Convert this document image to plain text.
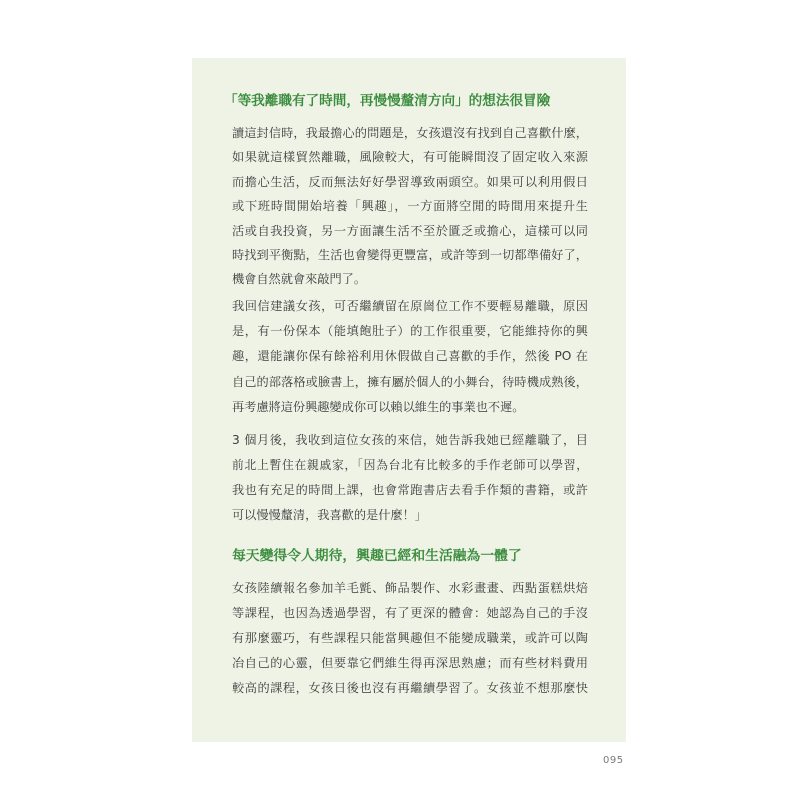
「等我離職有了時間，再慢慢釐清方向」的想法很冒險
讀這封信時，我最擔心的問題是，女孩還沒有找到自己喜歡什麼，
如果就這樣貿然離職，風險較大，有可能瞬間沒了固定收入來源
而擔心生活，反而無法好好學習導致兩頭空。如果可以利用假日
或下班時間開始培養「興趣」，一方面將空閒的時間用來提升生
活或自我投資，另一方面讓生活不至於匱乏或擔心，這樣可以同
時找到平衡點，生活也會變得更豐富，或許等到一切都準備好了，
機會自然就會來敲門了。
我回信建議女孩，可否繼續留在原崗位工作不要輕易離職，原因
是，有一份保本（能填飽肚子）的工作很重要，它能維持你的興
趣，還能讓你保有餘裕利用休假做自己喜歡的手作，然後 PO 在
自己的部落格或臉書上，擁有屬於個人的小舞台，待時機成熟後，
再考慮將這份興趣變成你可以賴以維生的事業也不遲。
3 個月後，我收到這位女孩的來信，她告訴我她已經離職了，目
前北上暫住在親戚家，「因為台北有比較多的手作老師可以學習，
我也有充足的時間上課，也會常跑書店去看手作類的書籍，或許
可以慢慢釐清，我喜歡的是什麼！」
每天變得令人期待，興趣已經和生活融為一體了
女孩陸續報名參加羊毛氈、飾品製作、水彩畫畫、西點蛋糕烘焙
等課程，也因為透過學習，有了更深的體會：她認為自己的手沒
有那麼靈巧，有些課程只能當興趣但不能變成職業，或許可以陶
冶自己的心靈，但要靠它們維生得再深思熟慮；而有些材料費用
較高的課程，女孩日後也沒有再繼續學習了。女孩並不想那麼快
095
